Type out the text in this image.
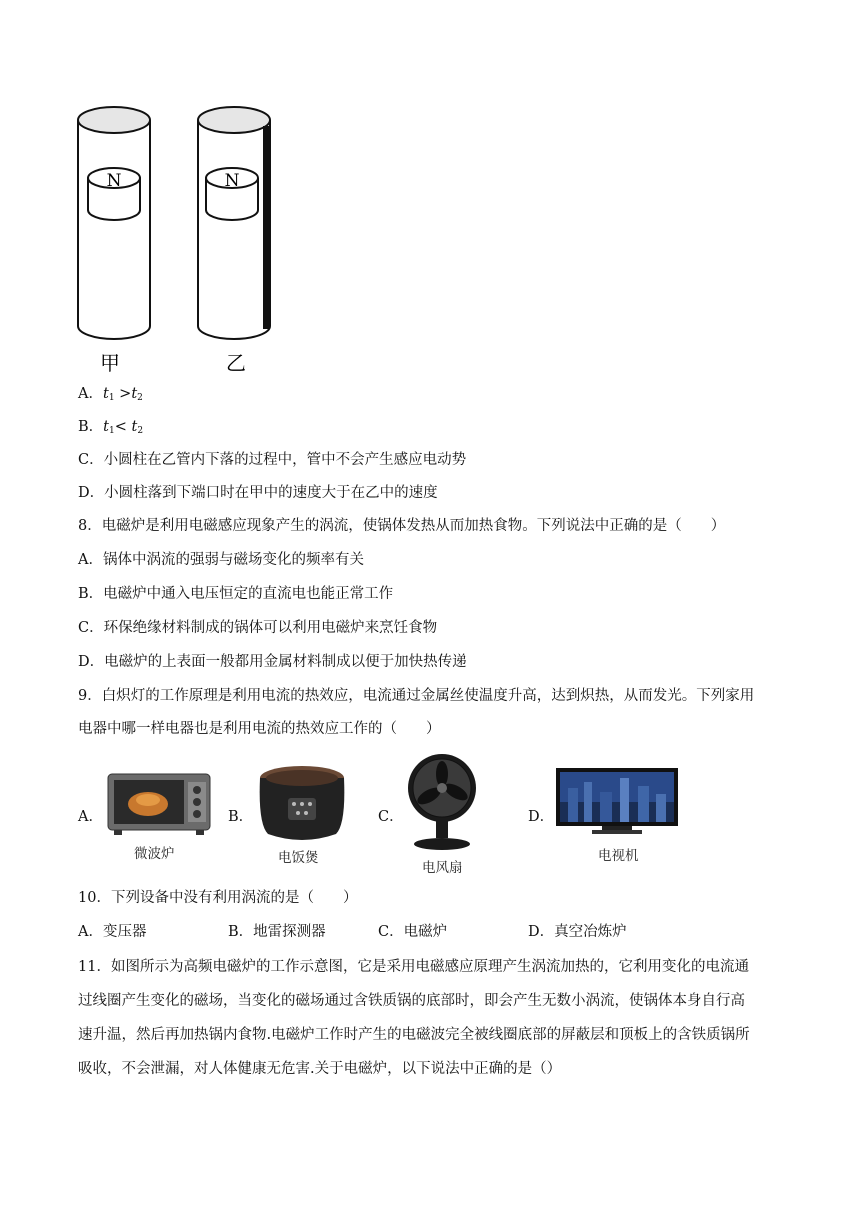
N
甲
N
乙
A．$t_1 >t_2$
B．$t_1< t_2$
C．小圆柱在乙管内下落的过程中，管中不会产生感应电动势
D．小圆柱落到下端口时在甲中的速度大于在乙中的速度
8．电磁炉是利用电磁感应现象产生的涡流，使锅体发热从而加热食物。下列说法中正确的是（　　）
A．锅体中涡流的强弱与磁场变化的频率有关
B．电磁炉中通入电压恒定的直流电也能正常工作
C．环保绝缘材料制成的锅体可以利用电磁炉来烹饪食物
D．电磁炉的上表面一般都用金属材料制成以便于加快热传递
9．白炽灯的工作原理是利用电流的热效应，电流通过金属丝使温度升高，达到炽热，从而发光。下列家用
电器中哪一样电器也是利用电流的热效应工作的（　　）
A．
微波炉
B．
电饭煲
C．
电风扇
D．
电视机
10．下列设备中没有利用涡流的是（　　）
A．变压器	B．地雷探测器	C．电磁炉	D．真空冶炼炉
11．如图所示为高频电磁炉的工作示意图，它是采用电磁感应原理产生涡流加热的，它利用变化的电流通
过线圈产生变化的磁场，当变化的磁场通过含铁质锅的底部时，即会产生无数小涡流，使锅体本身自行高
速升温，然后再加热锅内食物.电磁炉工作时产生的电磁波完全被线圈底部的屏蔽层和顶板上的含铁质锅所
吸收，不会泄漏，对人体健康无危害.关于电磁炉，以下说法中正确的是（）
